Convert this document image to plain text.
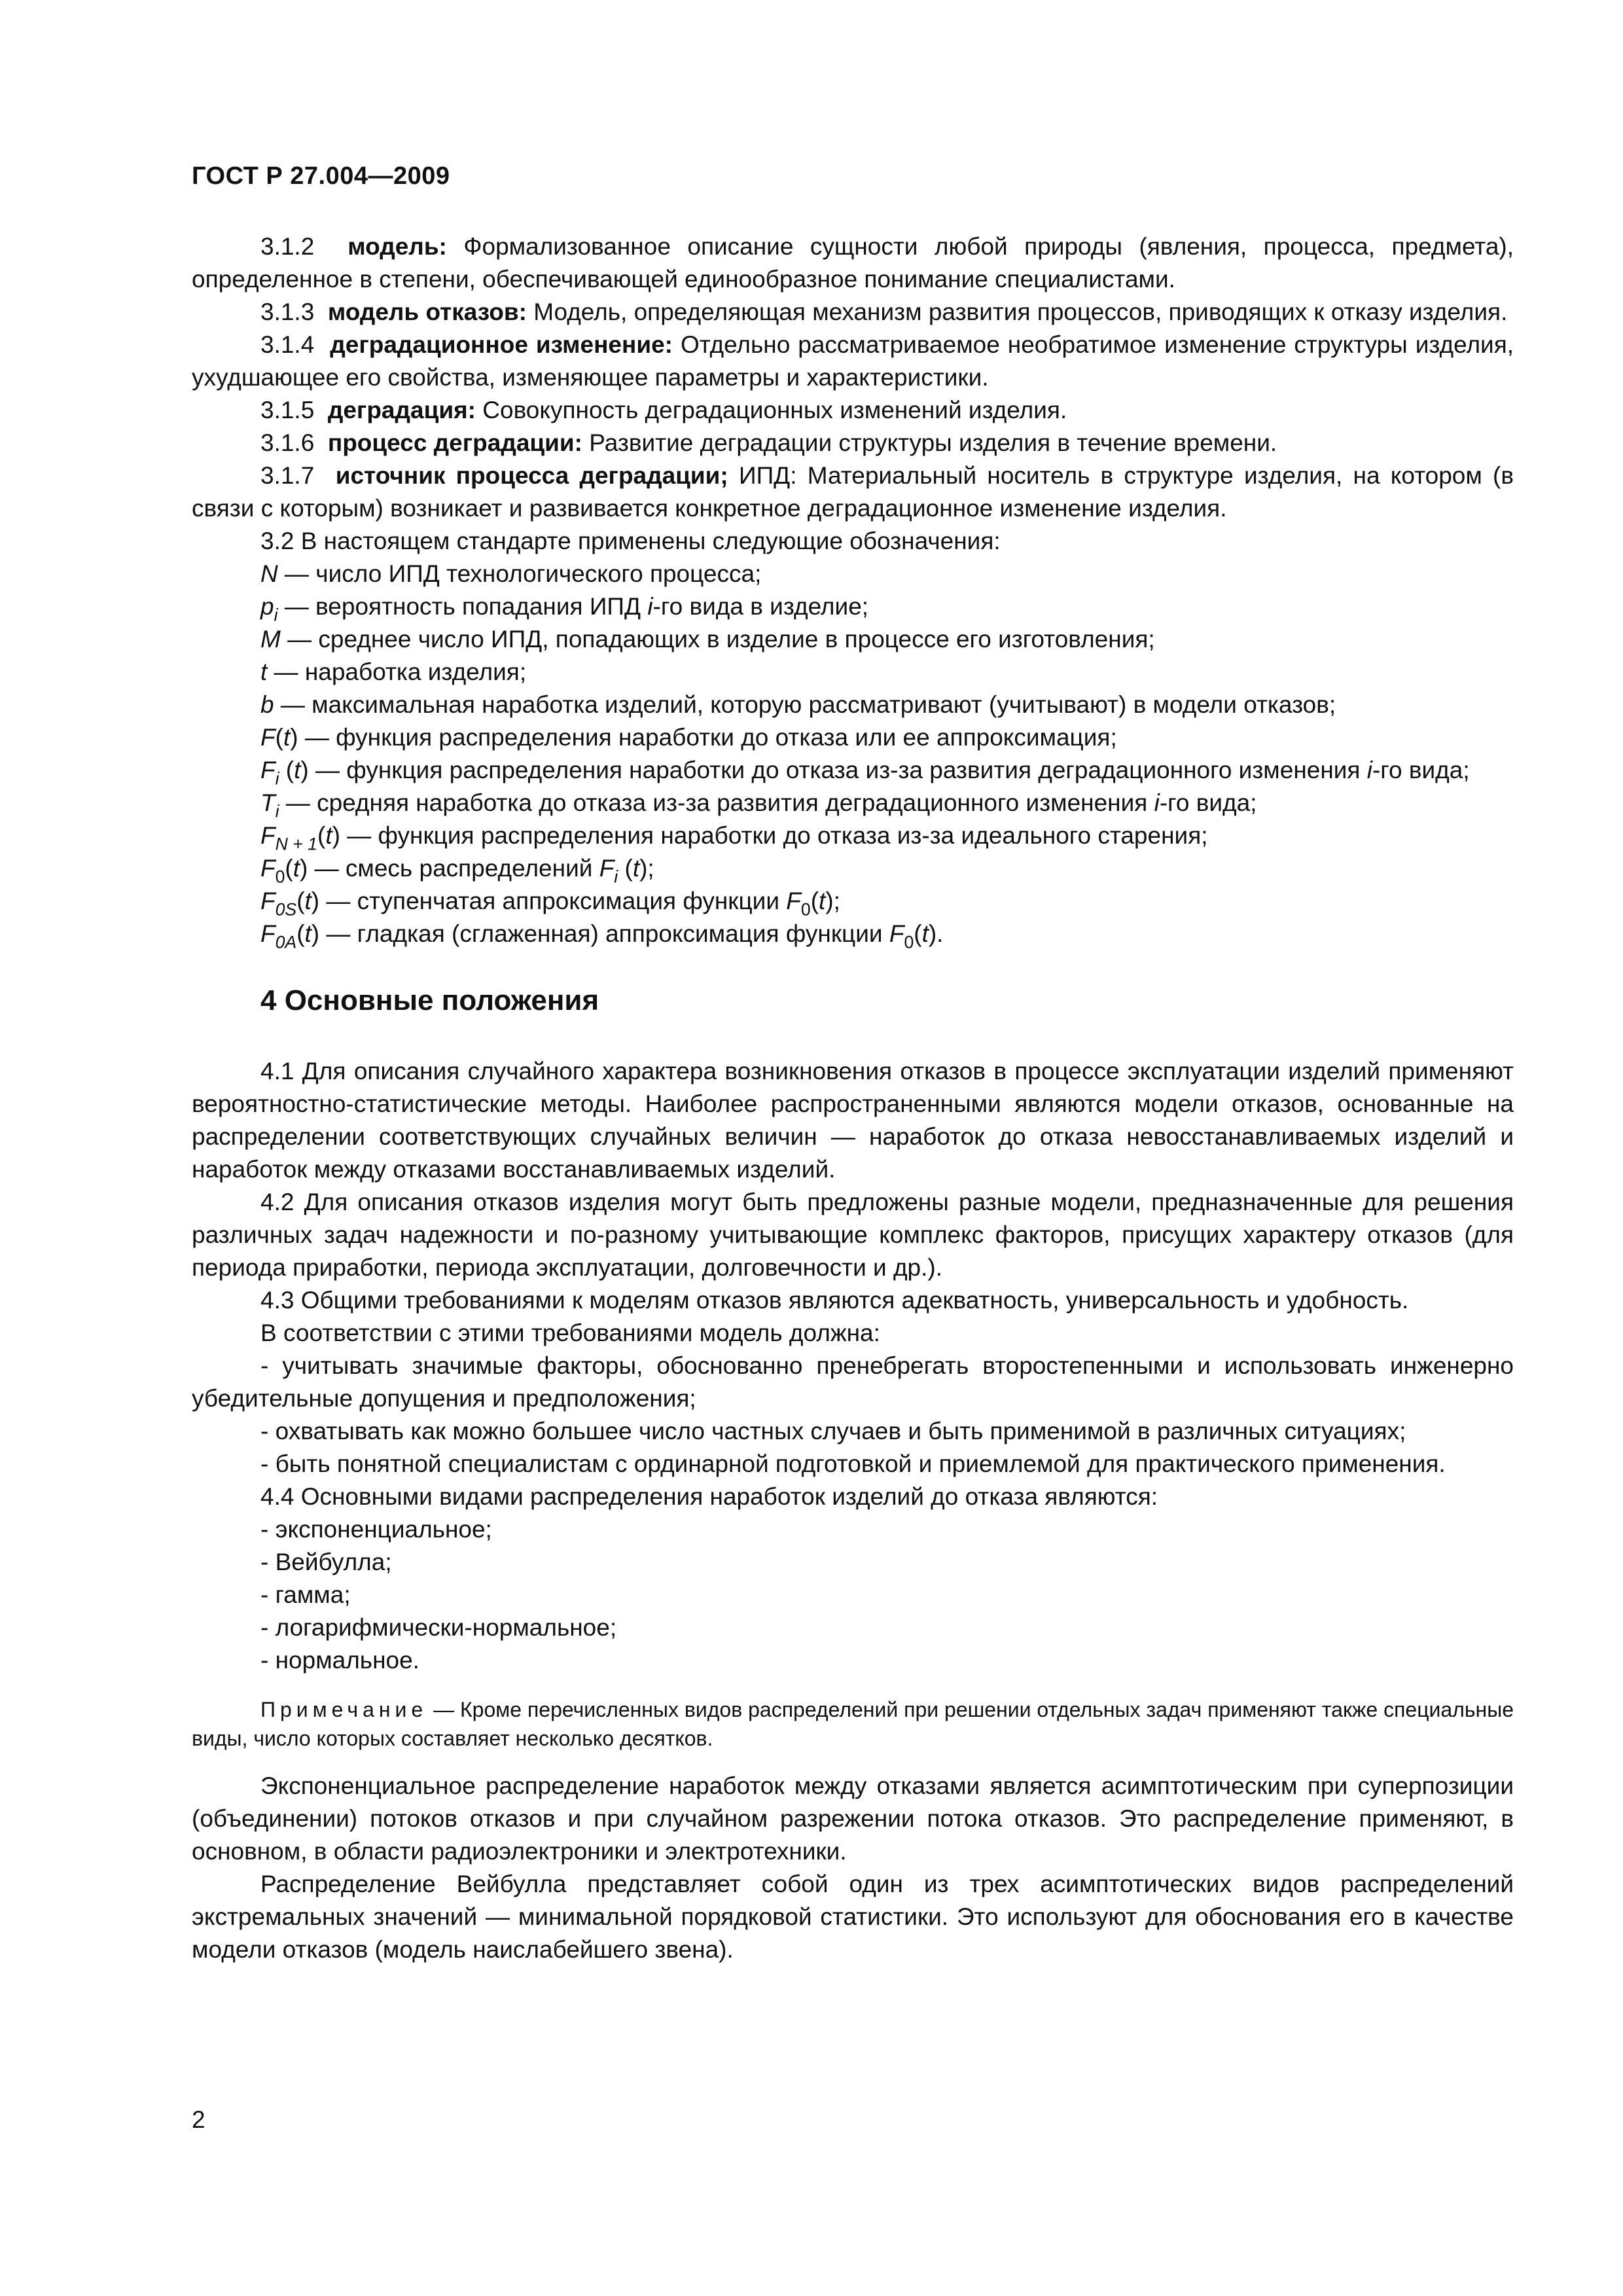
ГОСТ Р 27.004—2009

3.1.2 модель: Формализованное описание сущности любой природы (явления, процесса, предмета), определенное в степени, обеспечивающей единообразное понимание специалистами.

3.1.3 модель отказов: Модель, определяющая механизм развития процессов, приводящих к отказу изделия.

3.1.4 деградационное изменение: Отдельно рассматриваемое необратимое изменение структуры изделия, ухудшающее его свойства, изменяющее параметры и характеристики.

3.1.5 деградация: Совокупность деградационных изменений изделия.

3.1.6 процесс деградации: Развитие деградации структуры изделия в течение времени.

3.1.7 источник процесса деградации; ИПД: Материальный носитель в структуре изделия, на котором (в связи с которым) возникает и развивается конкретное деградационное изменение изделия.

3.2 В настоящем стандарте применены следующие обозначения:

N — число ИПД технологического процесса;

$p_i$ — вероятность попадания ИПД i-го вида в изделие;

M — среднее число ИПД, попадающих в изделие в процессе его изготовления;

t — наработка изделия;

b — максимальная наработка изделий, которую рассматривают (учитывают) в модели отказов;

F(t) — функция распределения наработки до отказа или ее аппроксимация;

$F_i$ (t) — функция распределения наработки до отказа из-за развития деградационного изменения i-го вида;

$T_i$ — средняя наработка до отказа из-за развития деградационного изменения i-го вида;

$F_{N + 1}(t)$ — функция распределения наработки до отказа из-за идеального старения;

$F_0(t)$ — смесь распределений $F_i$ (t);

$F_{0S}(t)$ — ступенчатая аппроксимация функции $F_0(t)$;

$F_{0A}(t)$ — гладкая (сглаженная) аппроксимация функции $F_0(t)$.

4 Основные положения

4.1 Для описания случайного характера возникновения отказов в процессе эксплуатации изделий применяют вероятностно-статистические методы. Наиболее распространенными являются модели отказов, основанные на распределении соответствующих случайных величин — наработок до отказа невосстанавливаемых изделий и наработок между отказами восстанавливаемых изделий.

4.2 Для описания отказов изделия могут быть предложены разные модели, предназначенные для решения различных задач надежности и по-разному учитывающие комплекс факторов, присущих характеру отказов (для периода приработки, периода эксплуатации, долговечности и др.).

4.3 Общими требованиями к моделям отказов являются адекватность, универсальность и удобность.

В соответствии с этими требованиями модель должна:

- учитывать значимые факторы, обоснованно пренебрегать второстепенными и использовать инженерно убедительные допущения и предположения;

- охватывать как можно большее число частных случаев и быть применимой в различных ситуациях;

- быть понятной специалистам с ординарной подготовкой и приемлемой для практического применения.

4.4 Основными видами распределения наработок изделий до отказа являются:

- экспоненциальное;

- Вейбулла;

- гамма;

- логарифмически-нормальное;

- нормальное.

Примечание — Кроме перечисленных видов распределений при решении отдельных задач применяют также специальные виды, число которых составляет несколько десятков.

Экспоненциальное распределение наработок между отказами является асимптотическим при суперпозиции (объединении) потоков отказов и при случайном разрежении потока отказов. Это распределение применяют, в основном, в области радиоэлектроники и электротехники.

Распределение Вейбулла представляет собой один из трех асимптотических видов распределений экстремальных значений — минимальной порядковой статистики. Это используют для обоснования его в качестве модели отказов (модель наислабейшего звена).

2
